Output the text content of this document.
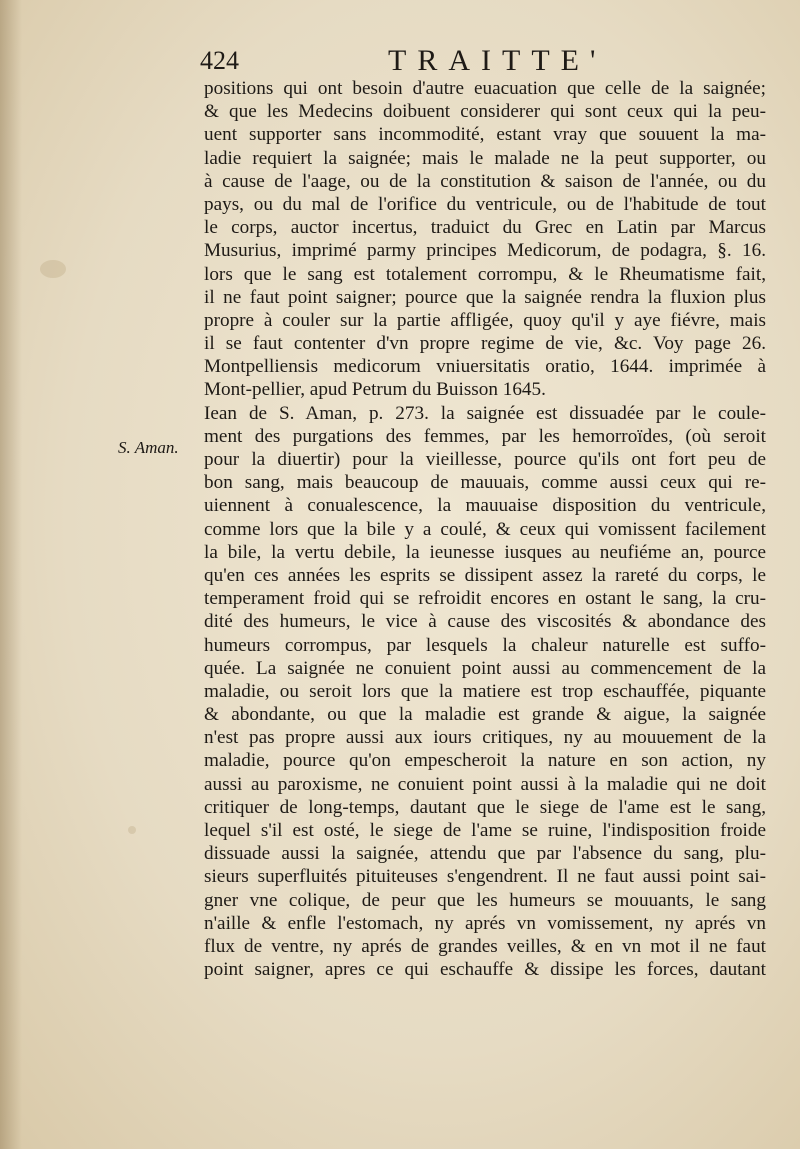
424	TRAITTE'
S. Aman.
positions qui ont besoin d'autre euacuation que celle de la saignée;
& que les Medecins doibuent considerer qui sont ceux qui la peu-
uent supporter sans incommodité, estant vray que souuent la ma-
ladie requiert la saignée; mais le malade ne la peut supporter, ou
à cause de l'aage, ou de la constitution & saison de l'année, ou du
pays, ou du mal de l'orifice du ventricule, ou de l'habitude de tout
le corps, auctor incertus, traduict du Grec en Latin par Marcus
Musurius, imprimé parmy principes Medicorum, de podagra, §. 16.
lors que le sang est totalement corrompu, & le Rheumatisme fait,
il ne faut point saigner; pource que la saignée rendra la fluxion plus
propre à couler sur la partie affligée, quoy qu'il y aye fiévre, mais
il se faut contenter d'vn propre regime de vie, &c. Voy page 26.
Montpelliensis medicorum vniuersitatis oratio, 1644. imprimée à
Mont-pellier, apud Petrum du Buisson 1645.
Iean de S. Aman, p. 273. la saignée est dissuadée par le coule-
ment des purgations des femmes, par les hemorroïdes, (où seroit
pour la diuertir) pour la vieillesse, pource qu'ils ont fort peu de
bon sang, mais beaucoup de mauuais, comme aussi ceux qui re-
uiennent à conualescence, la mauuaise disposition du ventricule,
comme lors que la bile y a coulé, & ceux qui vomissent facilement
la bile, la vertu debile, la ieunesse iusques au neufiéme an, pource
qu'en ces années les esprits se dissipent assez la rareté du corps, le
temperament froid qui se refroidit encores en ostant le sang, la cru-
dité des humeurs, le vice à cause des viscosités & abondance des
humeurs corrompus, par lesquels la chaleur naturelle est suffo-
quée. La saignée ne conuient point aussi au commencement de la
maladie, ou seroit lors que la matiere est trop eschauffée, piquante
& abondante, ou que la maladie est grande & aigue, la saignée
n'est pas propre aussi aux iours critiques, ny au mouuement de la
maladie, pource qu'on empescheroit la nature en son action, ny
aussi au paroxisme, ne conuient point aussi à la maladie qui ne doit
critiquer de long-temps, dautant que le siege de l'ame est le sang,
lequel s'il est osté, le siege de l'ame se ruine, l'indisposition froide
dissuade aussi la saignée, attendu que par l'absence du sang, plu-
sieurs superfluités pituiteuses s'engendrent. Il ne faut aussi point sai-
gner vne colique, de peur que les humeurs se mouuants, le sang
n'aille & enfle l'estomach, ny aprés vn vomissement, ny aprés vn
flux de ventre, ny aprés de grandes veilles, & en vn mot il ne faut
point saigner, apres ce qui eschauffe & dissipe les forces, dautant
